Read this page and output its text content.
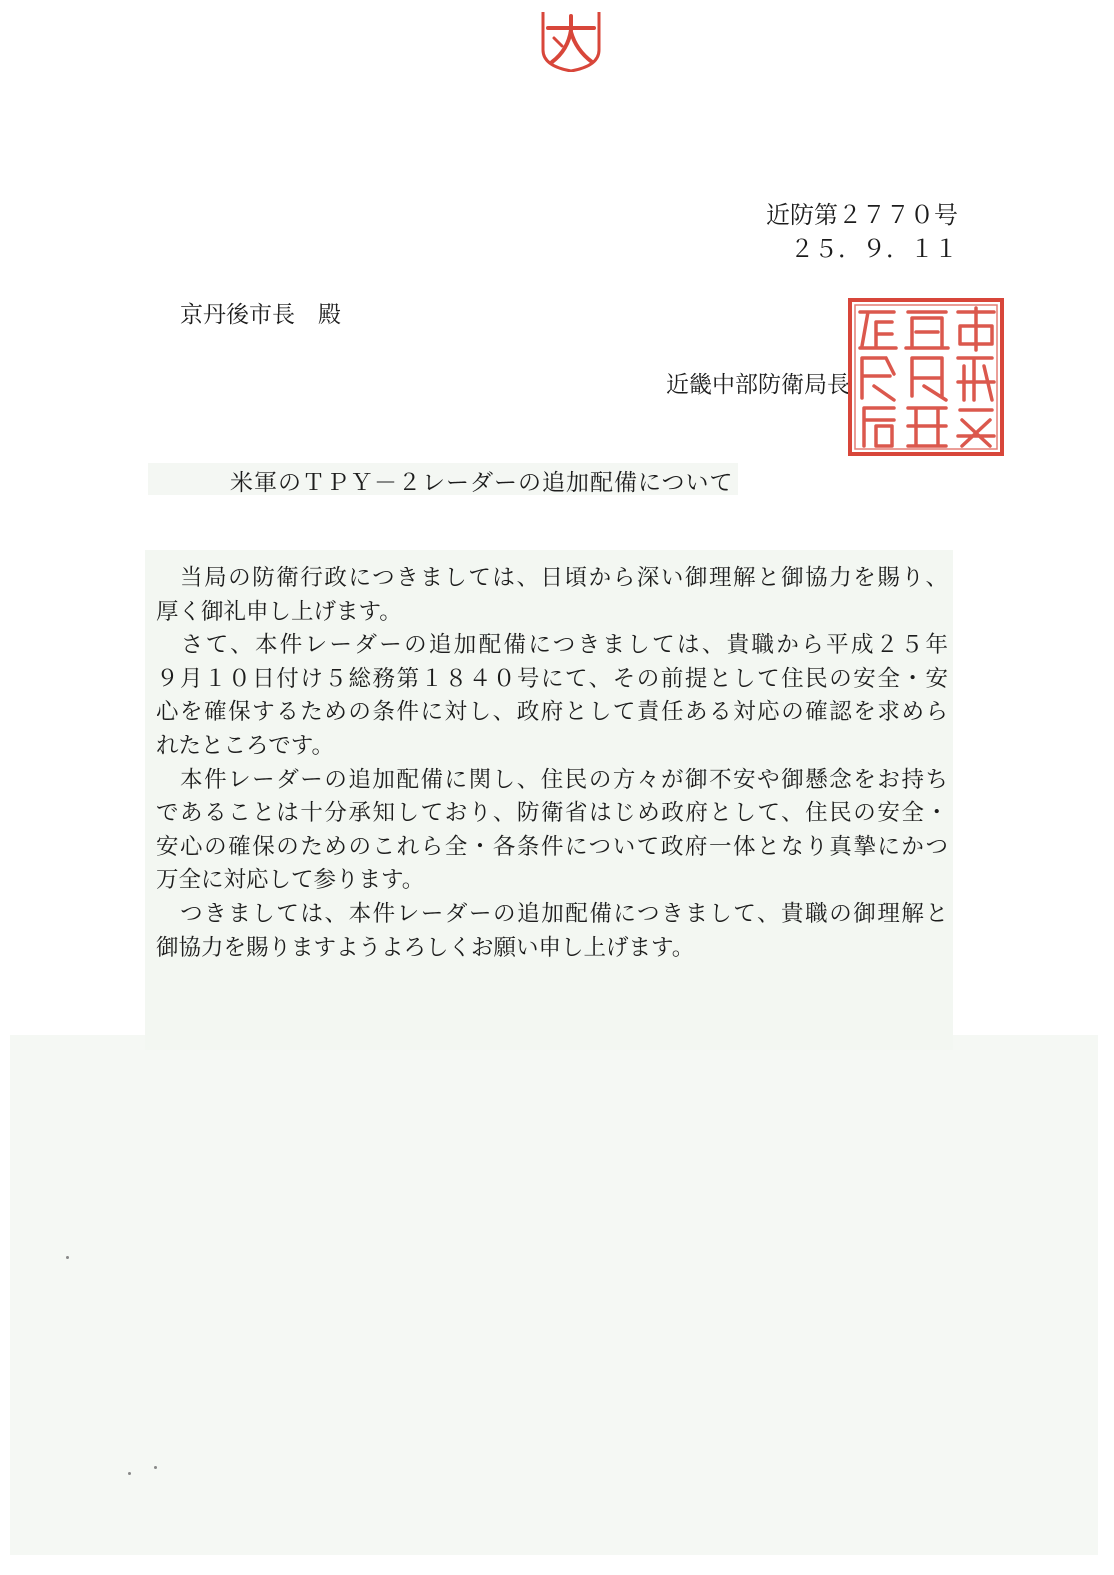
近防第２７７０号
２５．９．１１
京丹後市長　殿
近畿中部防衛局長
米軍のＴＰＹ－２レーダーの追加配備について
　当局の防衛行政につきましては、日頃から深い御理解と御協力を賜り、
厚く御礼申し上げます。
　さて、本件レーダーの追加配備につきましては、貴職から平成２５年
９月１０日付け５総務第１８４０号にて、その前提として住民の安全・安
心を確保するための条件に対し、政府として責任ある対応の確認を求めら
れたところです。
　本件レーダーの追加配備に関し、住民の方々が御不安や御懸念をお持ち
であることは十分承知しており、防衛省はじめ政府として、住民の安全・
安心の確保のためのこれら全・各条件について政府一体となり真摯にかつ
万全に対応して参ります。
　つきましては、本件レーダーの追加配備につきまして、貴職の御理解と
御協力を賜りますようよろしくお願い申し上げます。
